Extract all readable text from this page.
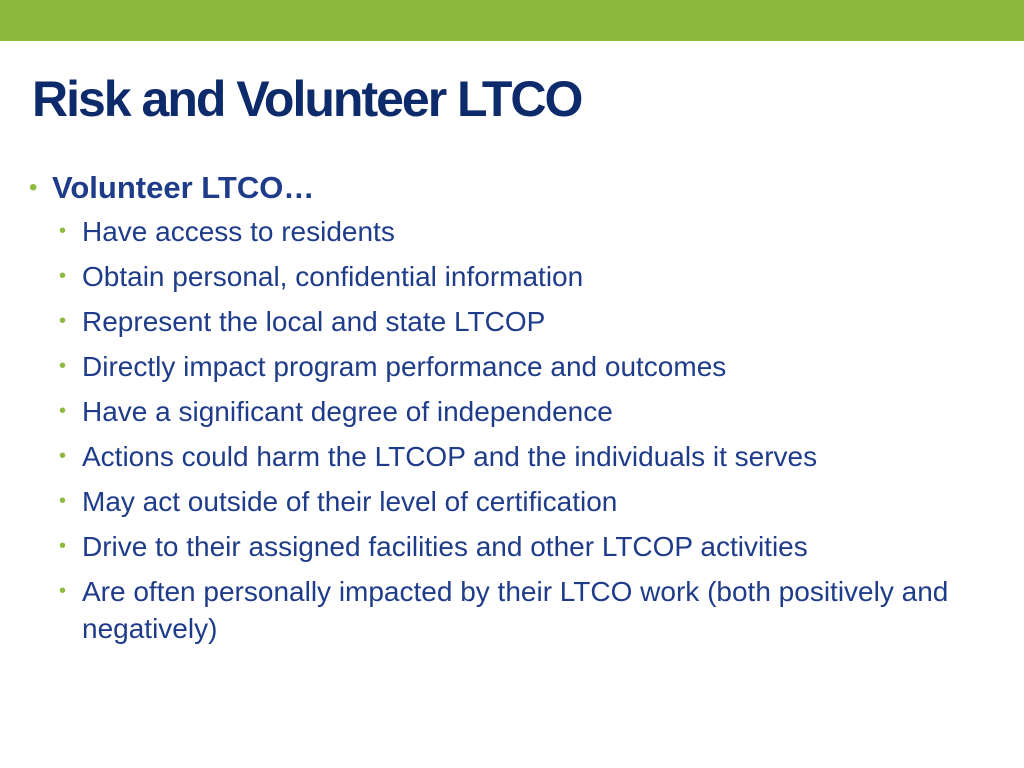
Risk and Volunteer LTCO
• Volunteer LTCO…
• Have access to residents
• Obtain personal, confidential information
• Represent the local and state LTCOP
• Directly impact program performance and outcomes
• Have a significant degree of independence
• Actions could harm the LTCOP and the individuals it serves
• May act outside of their level of certification
• Drive to their assigned facilities and other LTCOP activities
• Are often personally impacted by their LTCO work (both positively and negatively)
